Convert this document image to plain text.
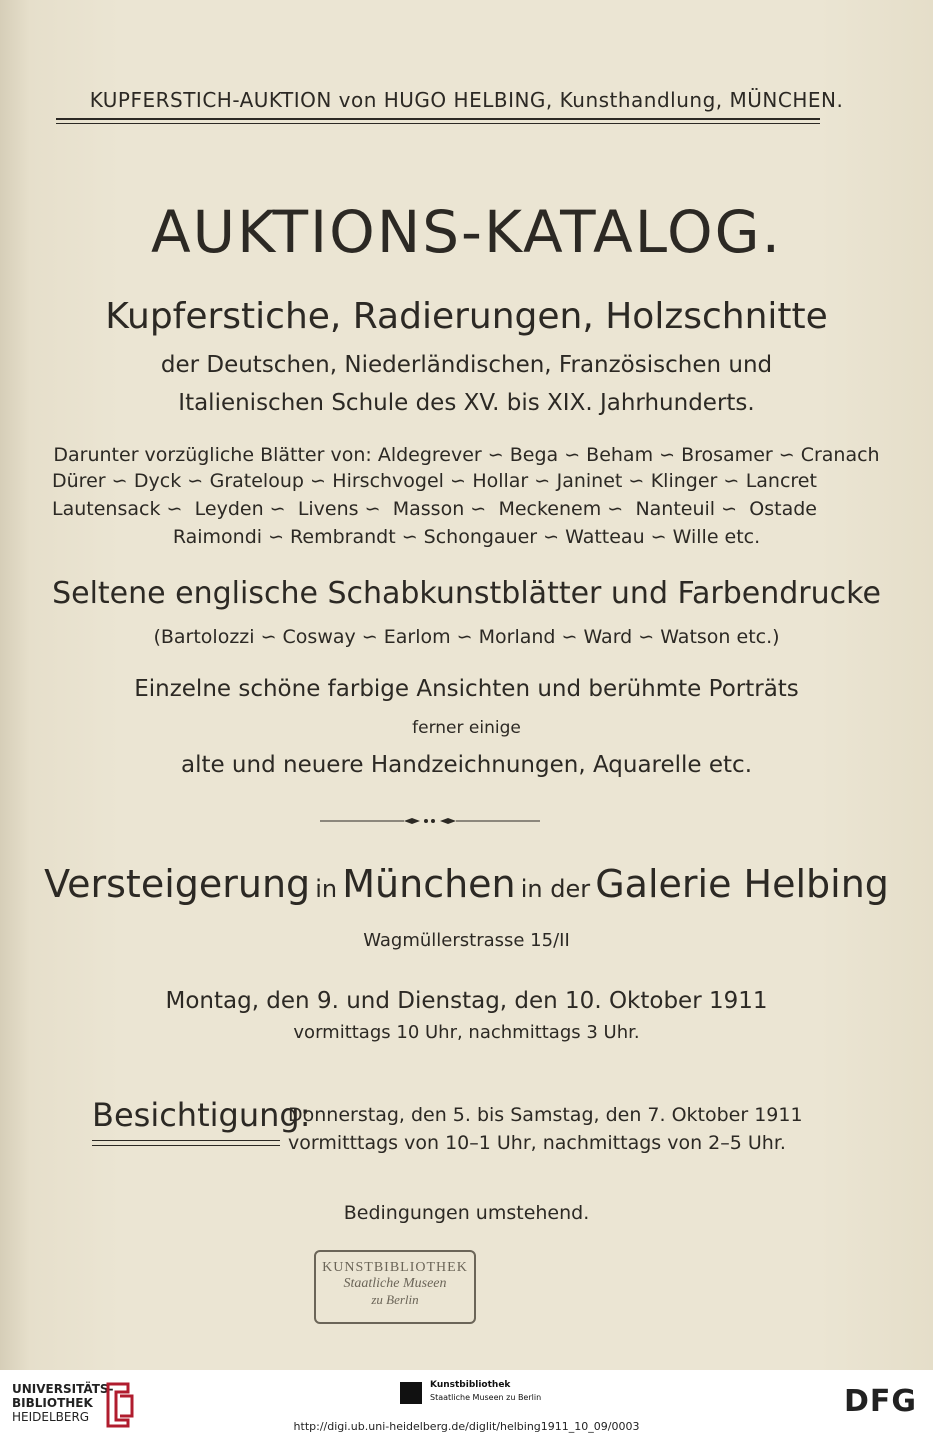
KUPFERSTICH-AUKTION von HUGO HELBING, Kunsthandlung, MÜNCHEN.
AUKTIONS-KATALOG.
Kupferstiche, Radierungen, Holzschnitte
der Deutschen, Niederländischen, Französischen und
Italienischen Schule des XV. bis XIX. Jahrhunderts.
Darunter vorzügliche Blätter von: Aldegrever ∽ Bega ∽ Beham ∽ Brosamer ∽ Cranach
Dürer ∽ Dyck ∽ Grateloup ∽ Hirschvogel ∽ Hollar ∽ Janinet ∽ Klinger ∽ Lancret
Lautensack ∽ Leyden ∽ Livens ∽ Masson ∽ Meckenem ∽ Nanteuil ∽ Ostade
Raimondi ∽ Rembrandt ∽ Schongauer ∽ Watteau ∽ Wille etc.
Seltene englische Schabkunstblätter und Farbendrucke
(Bartolozzi ∽ Cosway ∽ Earlom ∽ Morland ∽ Ward ∽ Watson etc.)
Einzelne schöne farbige Ansichten und berühmte Porträts
ferner einige
alte und neuere Handzeichnungen, Aquarelle etc.
Versteigerung in München in der Galerie Helbing
Wagmüllerstrasse 15/II
Montag, den 9. und Dienstag, den 10. Oktober 1911
vormittags 10 Uhr, nachmittags 3 Uhr.
Besichtigung:
Donnerstag, den 5. bis Samstag, den 7. Oktober 1911
vormitttags von 10–1 Uhr, nachmittags von 2–5 Uhr.
Bedingungen umstehend.
KUNSTBIBLIOTHEK
Staatliche Museen
zu Berlin
UNIVERSITÄTS-
BIBLIOTHEK
HEIDELBERG
Kunstbibliothek
Staatliche Museen zu Berlin	DFG
http://digi.ub.uni-heidelberg.de/diglit/helbing1911_10_09/0003
